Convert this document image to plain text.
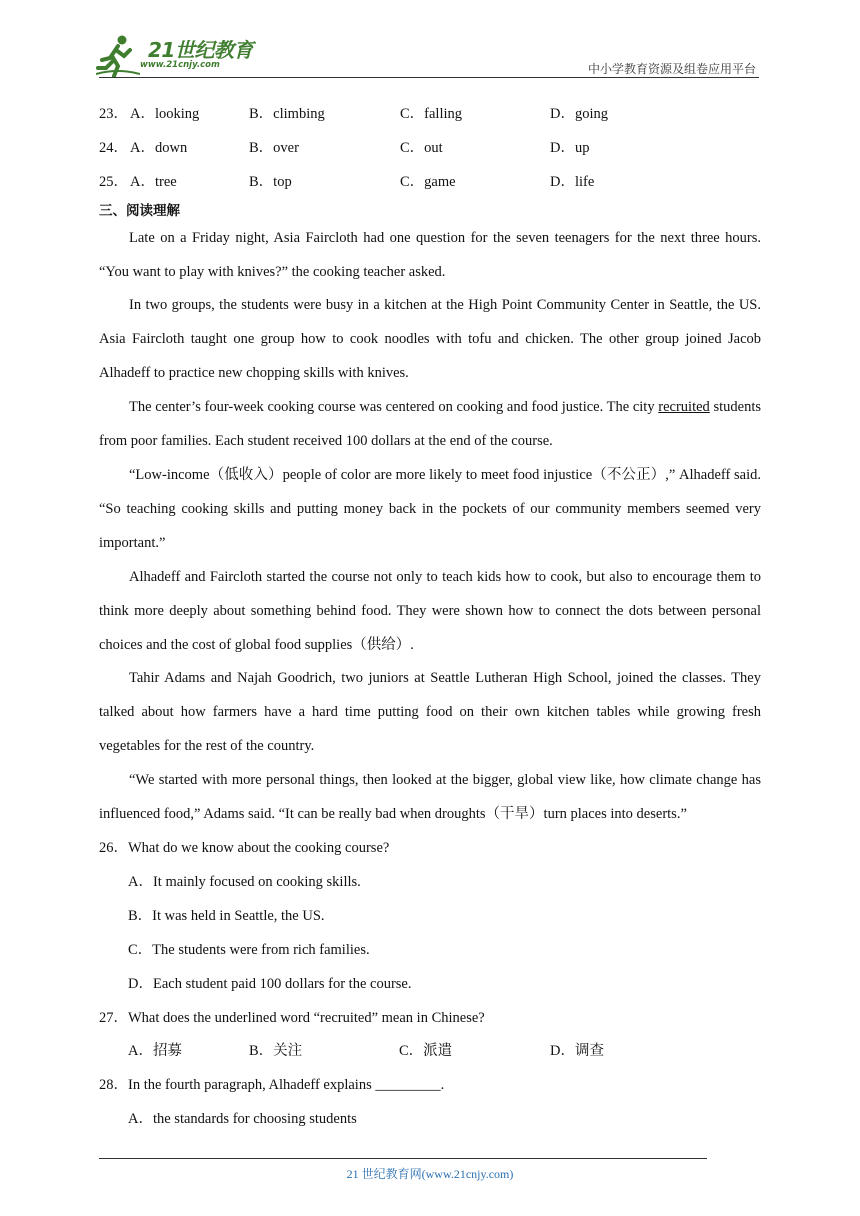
21世纪教育
www.21cnjy.com	中小学教育资源及组卷应用平台
23． A．looking	B．climbing	C．falling	D．going
24． A．down	B．over	C．out	D．up
25． A．tree	B．top	C．game	D．life
三、阅读理解

Late on a Friday night, Asia Faircloth had one question for the seven teenagers for the next three hours. “You want to play with knives?” the cooking teacher asked.

In two groups, the students were busy in a kitchen at the High Point Community Center in Seattle, the US. Asia Faircloth taught one group how to cook noodles with tofu and chicken. The other group joined Jacob Alhadeff to practice new chopping skills with knives.

The center’s four-week cooking course was centered on cooking and food justice. The city recruited students from poor families. Each student received 100 dollars at the end of the course.

“Low-income（低收入）people of color are more likely to meet food injustice（不公正）,” Alhadeff said. “So teaching cooking skills and putting money back in the pockets of our community members seemed very important.”

Alhadeff and Faircloth started the course not only to teach kids how to cook, but also to encourage them to think more deeply about something behind food. They were shown how to connect the dots between personal choices and the cost of global food supplies（供给）.

Tahir Adams and Najah Goodrich, two juniors at Seattle Lutheran High School, joined the classes. They talked about how farmers have a hard time putting food on their own kitchen tables while growing fresh vegetables for the rest of the country.

“We started with more personal things, then looked at the bigger, global view like, how climate change has influenced food,” Adams said. “It can be really bad when droughts（干旱）turn places into deserts.”

26．What do we know about the cooking course?

A．It mainly focused on cooking skills.

B．It was held in Seattle, the US.

C．The students were from rich families.

D．Each student paid 100 dollars for the course.

27．What does the underlined word “recruited” mean in Chinese?

A．招募	B．关注	C．派遣	D．调查

28．In the fourth paragraph, Alhadeff explains _________.

A．the standards for choosing students

21 世纪教育网(www.21cnjy.com)
